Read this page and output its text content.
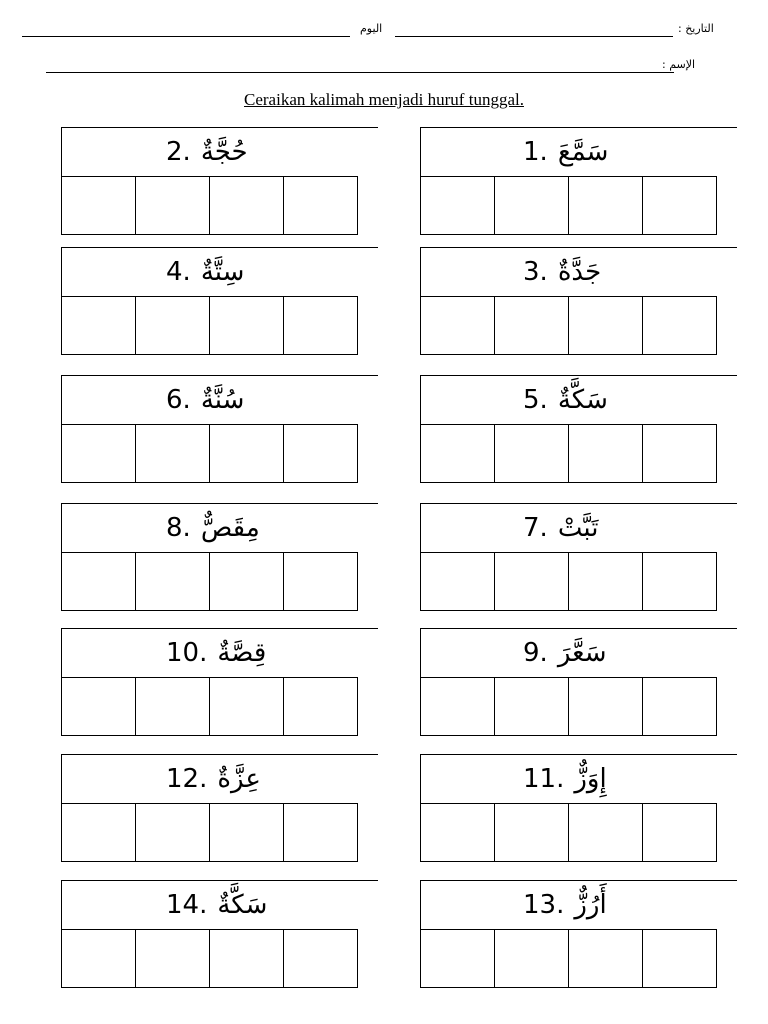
اليوم	: التاريخ
: الإسم
Ceraikan kalimah menjadi huruf tunggal.
1. سَمَّعَ
2. حُجَّةٌ
3. جَدَّةٌ
4. سِتَّةٌ
5. سَكَّةٌ
6. سُنَّةٌ
7. تَبَّتْ
8. مِقَصٌّ
9. سَعَّرَ
10. قِصَّةٌ
11. إِوَزٌّ
12. عِزَّةٌ
13. أَرُزٌّ
14. سَكَّةٌ
